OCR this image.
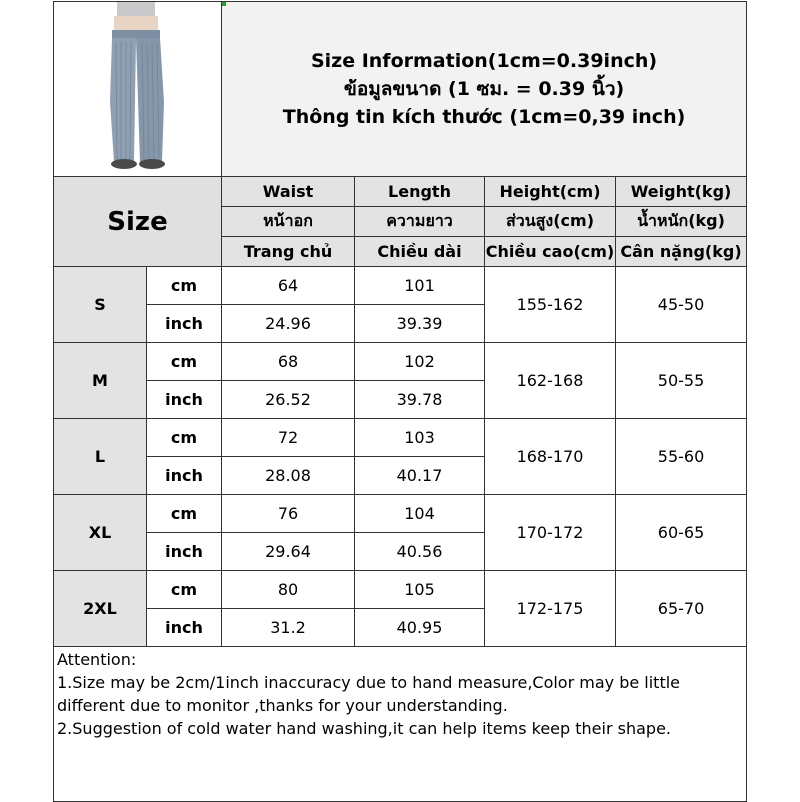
Size Information(1cm=0.39inch)
ข้อมูลขนาด (1 ซม. = 0.39 นิ้ว)
Thông tin kích thước (1cm=0,39 inch)			

Size		Waist	Length	Height(cm)	Weight(kg)
		หน้าอก	ความยาว	ส่วนสูง(cm)	น้ำหนัก(kg)
		Trang chủ	Chiều dài	Chiều cao(cm)	Cân nặng(kg)
S	cm	64	101	155-162	45-50
	inch	24.96	39.39		
M	cm	68	102	162-168	50-55
	inch	26.52	39.78		
L	cm	72	103	168-170	55-60
	inch	28.08	40.17		
XL	cm	76	104	170-172	60-65
	inch	29.64	40.56		
2XL	cm	80	105	172-175	65-70
	inch	31.2	40.95		

Attention:
1.Size may be 2cm/1inch inaccuracy due to hand measure,Color may be little different due to monitor ,thanks for your understanding.
2.Suggestion of cold water hand washing,it can help items keep their shape.					
